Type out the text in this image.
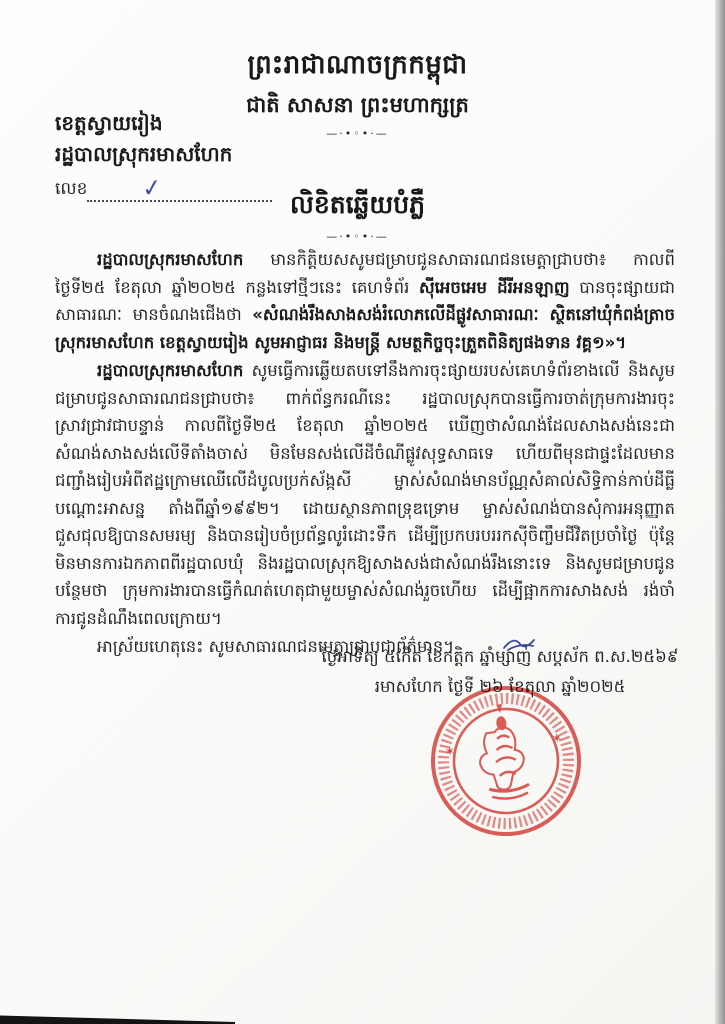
ព្រះរាជាណាចក្រកម្ពុជា
ជាតិ សាសនា ព្រះមហាក្សត្រ
—·•◦•·—
ខេត្តស្វាយរៀង
រដ្ឋបាលស្រុករមាសហែក
លេខ ✓
លិខិតឆ្លើយបំភ្លឺ
—·•◦•·—

រដ្ឋបាលស្រុករមាសហែក មានកិត្តិយសសូមជម្រាបជូនសាធារណជនមេត្តាជ្រាបថា៖ កាលពីថ្ងៃទី២៥ ខែតុលា ឆ្នាំ២០២៥ កន្លងទៅថ្មីៗនេះ គេហទំព័រ ស៊ីអេចអេម ដីរីអនឡាញ បានចុះផ្សាយជាសាធារណៈ មានចំណងជើងថា «សំណង់រឹងសាងសង់រំលោភលើដីផ្លូវសាធារណៈ ស្ថិតនៅឃុំកំពង់ត្រាច ស្រុករមាសហែក ខេត្តស្វាយរៀង សូមអាជ្ញាធរ និងមន្ត្រី សមត្ថកិច្ចចុះត្រួតពិនិត្យផងទាន វគ្គ១»។

រដ្ឋបាលស្រុករមាសហែក សូមធ្វើការឆ្លើយតបទៅនឹងការចុះផ្សាយរបស់គេហទំព័រខាងលើ និងសូមជម្រាបជូនសាធារណជនជ្រាបថា៖ ពាក់ព័ន្ធករណីនេះ រដ្ឋបាលស្រុកបានធ្វើការចាត់ក្រុមការងារចុះស្រាវជ្រាវជាបន្ទាន់ កាលពីថ្ងៃទី២៥ ខែតុលា ឆ្នាំ២០២៥ ឃើញថាសំណង់ដែលសាងសង់នេះជាសំណង់សាងសង់លើទីតាំងចាស់ មិនមែនសង់លើដីចំណីផ្លូវសុទ្ធសាធទេ ហើយពីមុនជាផ្ទះដែលមានជញ្ជាំងរៀបអំពីឥដ្ឋក្រោមឈើលើដំបូលប្រក់ស័ង្កសី ម្ចាស់សំណង់មានប័ណ្ណសំគាល់សិទ្ធិកាន់កាប់ដីធ្លីបណ្ដោះអាសន្ន តាំងពីឆ្នាំ១៩៩២។ ដោយស្ថានភាពទ្រុឌទ្រោម ម្ចាស់សំណង់បានសុំការអនុញ្ញាតជួសជុលឱ្យបានសមរម្យ និងបានរៀបចំប្រព័ន្ធលូរំដោះទឹក ដើម្បីប្រកបរបររកស៊ីចិញ្ចឹមជីវិតប្រចាំថ្ងៃ ប៉ុន្តែមិនមានការឯកភាពពីរដ្ឋបាលឃុំ និងរដ្ឋបាលស្រុកឱ្យសាងសង់ជាសំណង់រឹងនោះទេ និងសូមជម្រាបជូនបន្ថែមថា ក្រុមការងារបានធ្វើកំណត់ហេតុជាមួយម្ចាស់សំណង់រួចហើយ ដើម្បីផ្អាកការសាងសង់ រង់ចាំការជូនដំណឹងពេលក្រោយ។

អាស្រ័យហេតុនេះ សូមសាធារណជនមេត្តាជ្រាបជាព័ត៌មាន។

ថ្ងៃអាទិត្យ ៥កើត ខែកត្តិក ឆ្នាំម្សាញ់ សប្តស័ក ព.ស.២៥៦៩
រមាសហែក ថ្ងៃទី ២៦ ខែតុលា ឆ្នាំ២០២៥
✶
✶
